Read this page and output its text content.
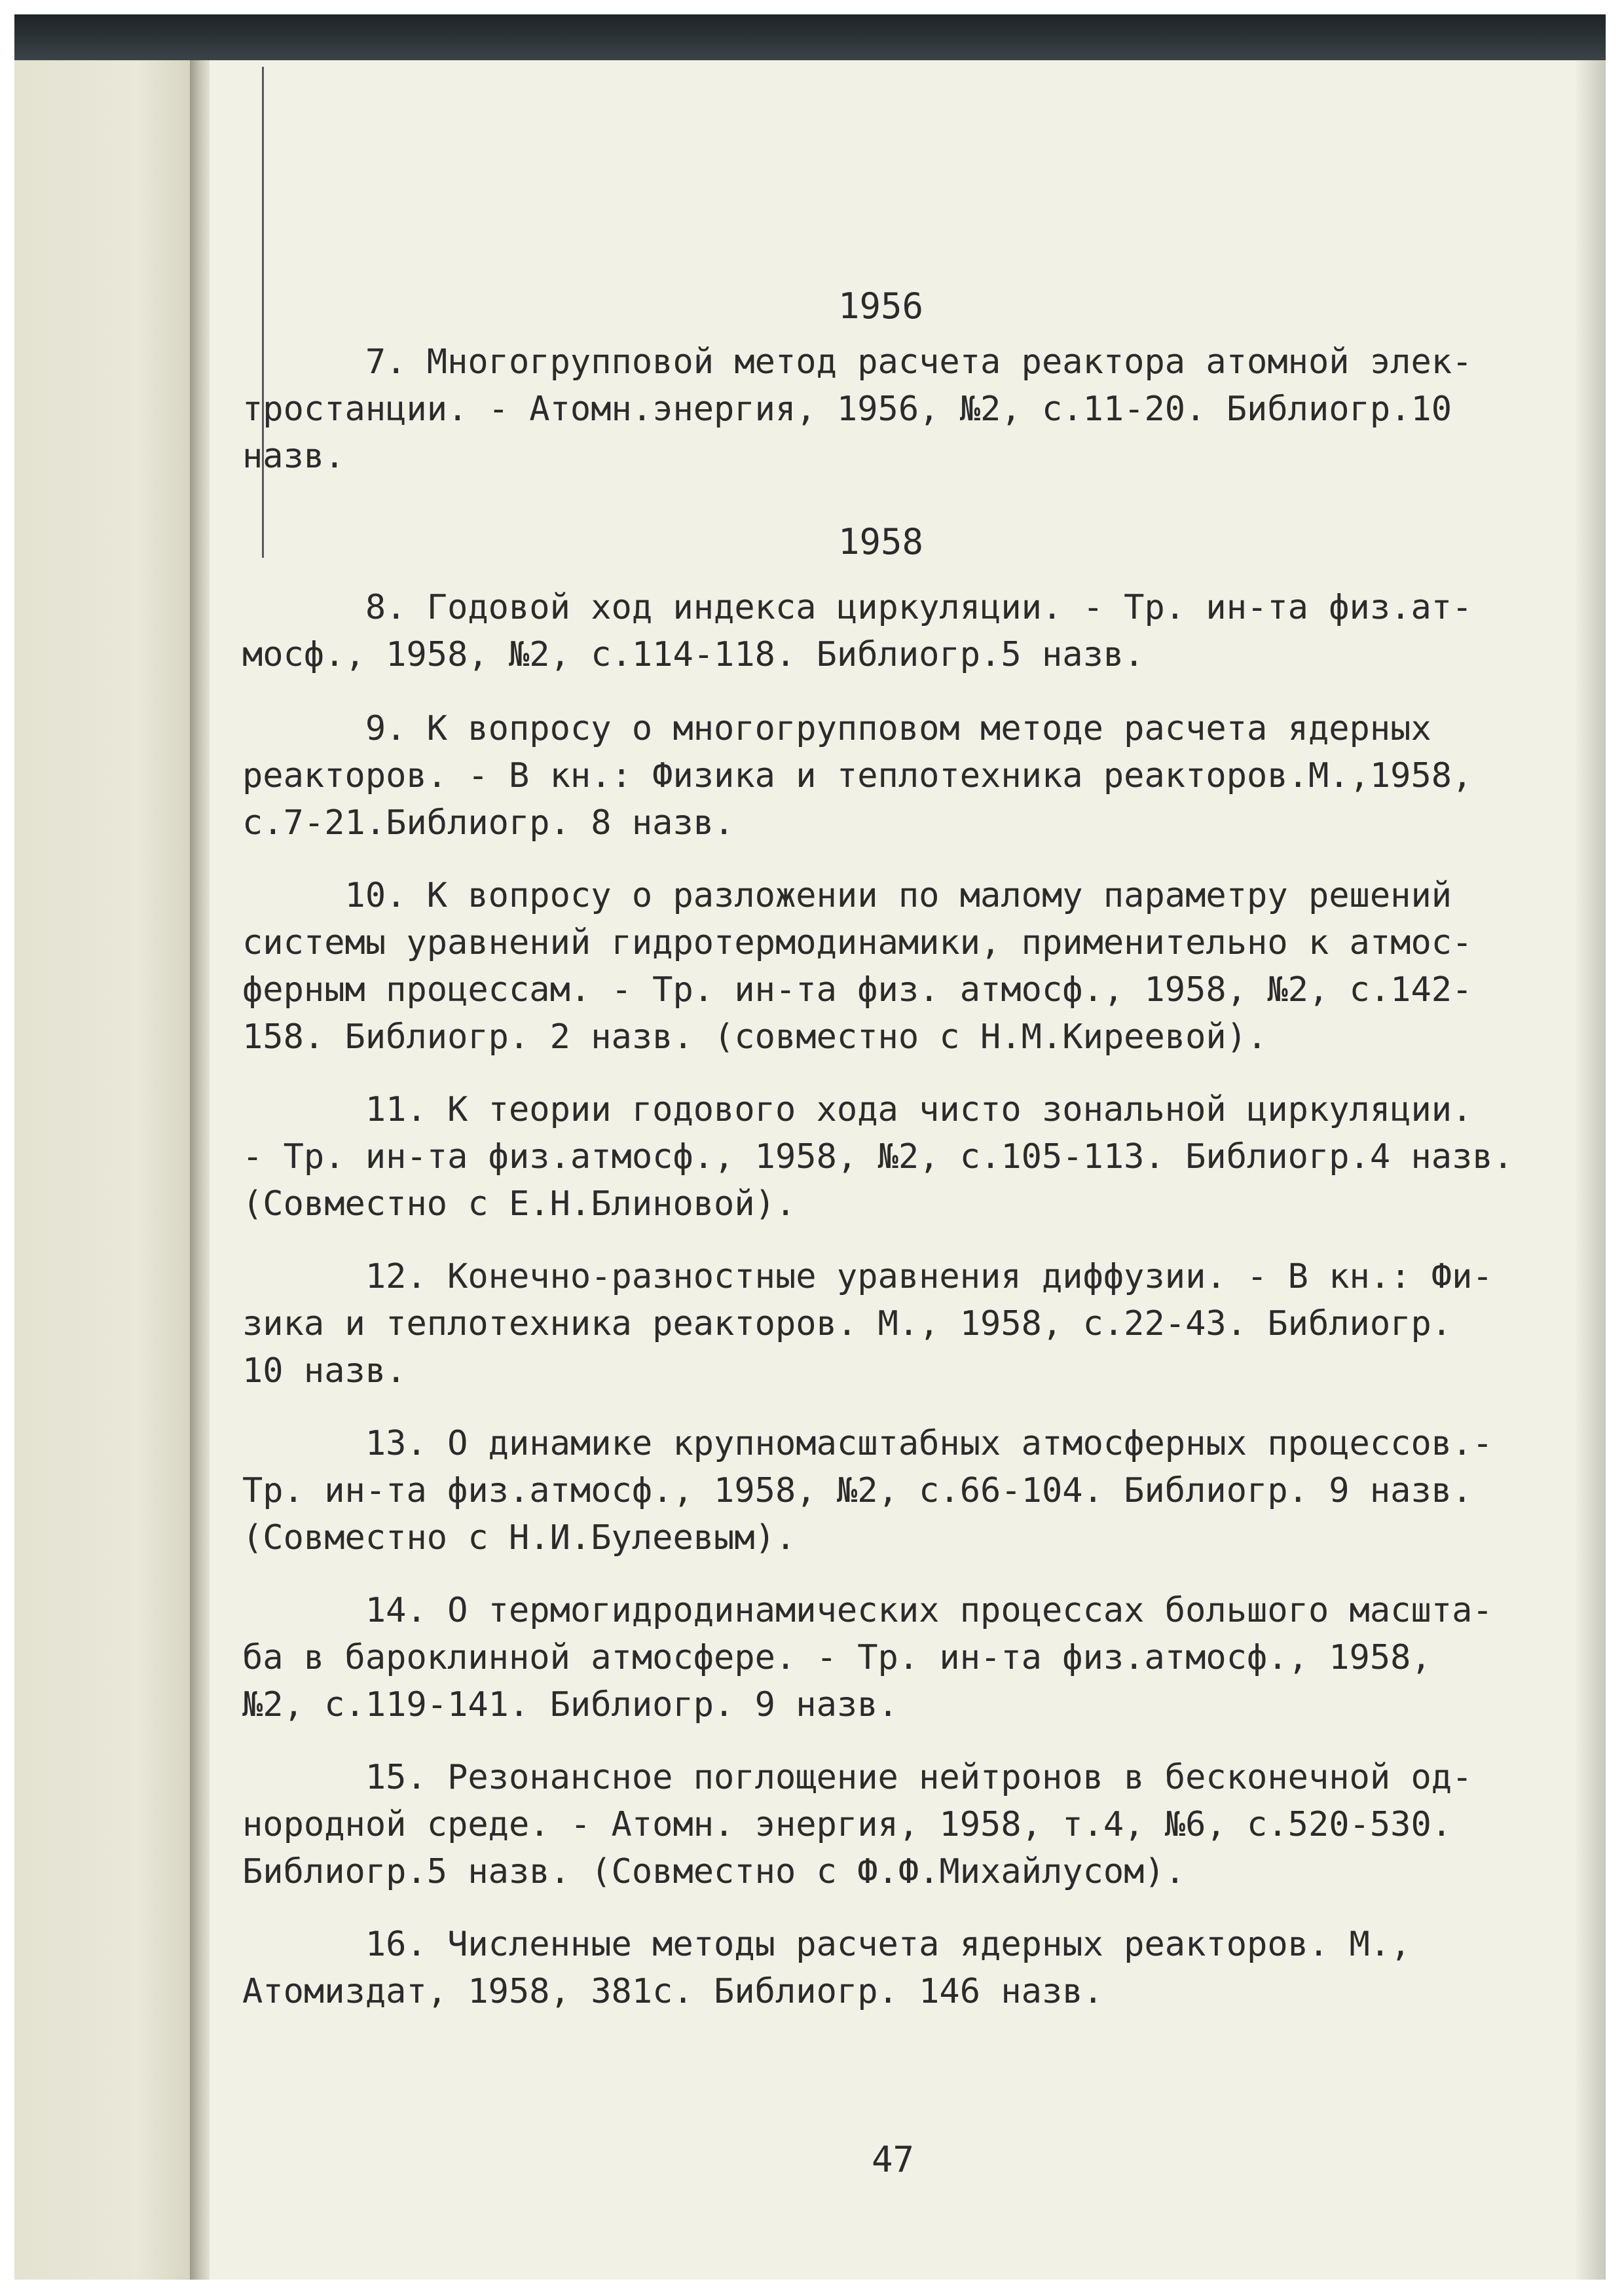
1956

7. Многогрупповой метод расчета реактора атомной элек-

тростанции. - Атомн.энергия, 1956, №2, с.11-20. Библиогр.10

назв.

1958

8. Годовой ход индекса циркуляции. - Тр. ин-та физ.ат-

мосф., 1958, №2, с.114-118. Библиогр.5 назв.

9. К вопросу о многогрупповом методе расчета ядерных

реакторов. - В кн.: Физика и теплотехника реакторов.М.,1958,

с.7-21.Библиогр. 8 назв.

10. К вопросу о разложении по малому параметру решений

системы уравнений гидротермодинамики, применительно к атмос-

ферным процессам. - Тр. ин-та физ. атмосф., 1958, №2, с.142-

158. Библиогр. 2 назв. (совместно с Н.М.Киреевой).

11. К теории годового хода чисто зональной циркуляции.

- Тр. ин-та физ.атмосф., 1958, №2, с.105-113. Библиогр.4 назв.

(Совместно с Е.Н.Блиновой).

12. Конечно-разностные уравнения диффузии. - В кн.: Фи-

зика и теплотехника реакторов. М., 1958, с.22-43. Библиогр.

10 назв.

13. О динамике крупномасштабных атмосферных процессов.-

Тр. ин-та физ.атмосф., 1958, №2, с.66-104. Библиогр. 9 назв.

(Совместно с Н.И.Булеевым).

14. О термогидродинамических процессах большого масшта-

ба в бароклинной атмосфере. - Тр. ин-та физ.атмосф., 1958,

№2, с.119-141. Библиогр. 9 назв.

15. Резонансное поглощение нейтронов в бесконечной од-

нородной среде. - Атомн. энергия, 1958, т.4, №6, с.520-530.

Библиогр.5 назв. (Совместно с Ф.Ф.Михайлусом).

16. Численные методы расчета ядерных реакторов. М.,

Атомиздат, 1958, 381с. Библиогр. 146 назв.

47
